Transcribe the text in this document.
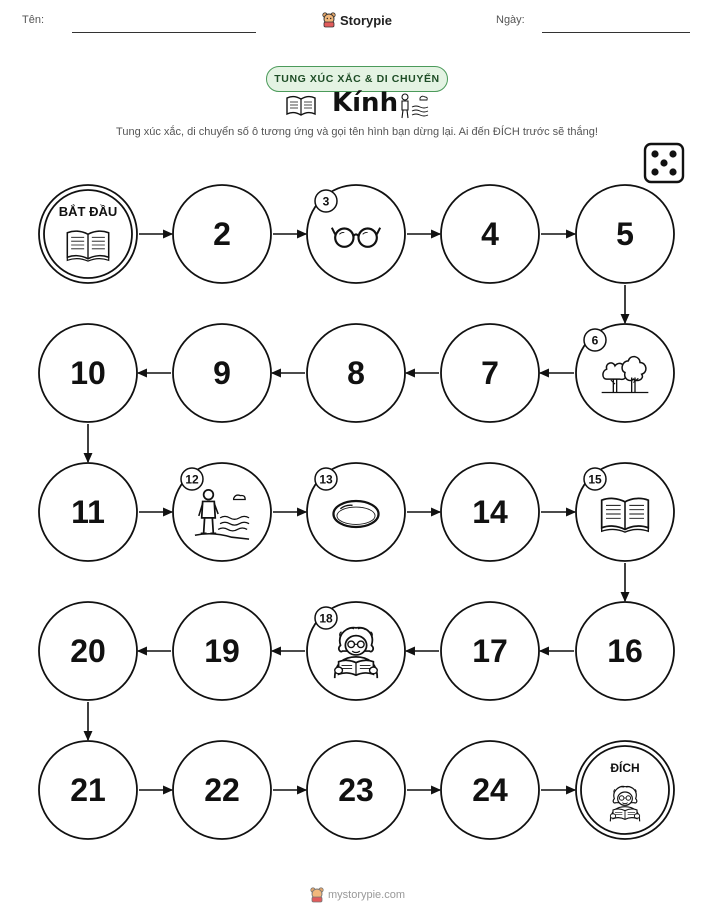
Tên:	Storypie	Ngày:
TUNG XÚC XẮC & DI CHUYỂN
Kính
Tung xúc xắc, di chuyển số ô tương ứng và gọi tên hình bạn dừng lại. Ai đến ĐÍCH trước sẽ thắng!
BẮT ĐẦU
2
3
4	5
6
7
8
9
10
11
12	13
14
15
16
17
18
19
20
21	22	23	24
ĐÍCH
mystorypie.com
